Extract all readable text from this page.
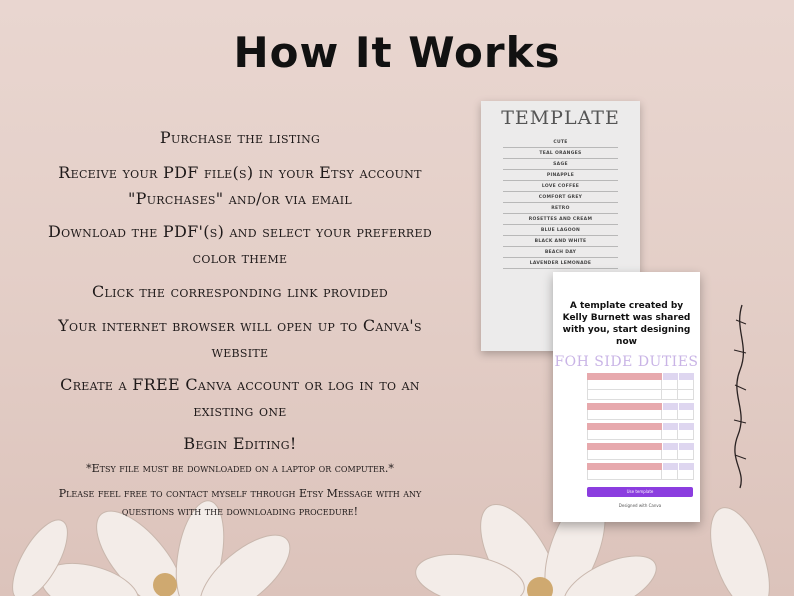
How It Works
Purchase the listing
Receive your PDF file(s) in your Etsy account
"Purchases" and/or via email
Download the PDF'(s) and select your preferred
color theme
Click the corresponding link provided
Your internet browser will open up to Canva's
website
Create a FREE Canva account or log in to an
existing one
Begin Editing!
*Etsy file must be downloaded on a laptop or computer.*
Please feel free to contact myself through Etsy Message with any
questions with the downloading procedure!
TEMPLATE

CUTE
TEAL ORANGES
SAGE
PINAPPLE
LOVE COFFEE
COMFORT GREY
RETRO
ROSETTES AND CREAM
BLUE LAGOON
BLACK AND WHITE
BEACH DAY
LAVENDER LEMONADE

A template created by Kelly Burnett was shared with you, start designing now
FOH SIDE DUTIES
Use template
Designed with Canva
